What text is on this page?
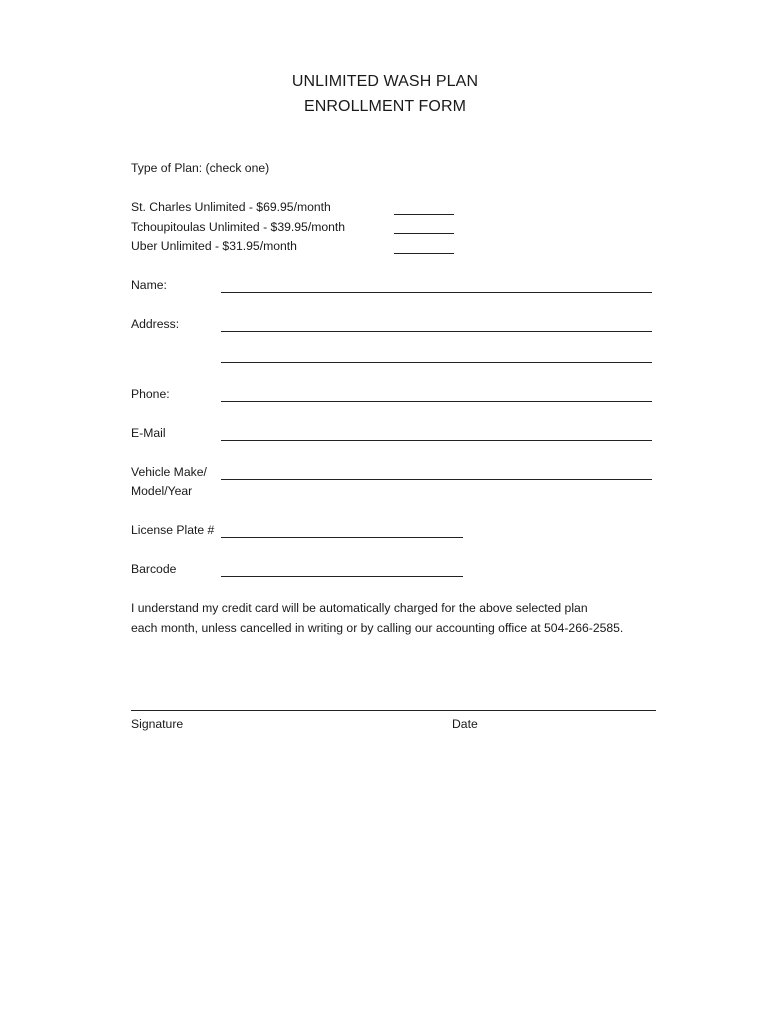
UNLIMITED WASH PLAN
ENROLLMENT FORM
Type of Plan: (check one)
St. Charles Unlimited - $69.95/month
Tchoupitoulas Unlimited - $39.95/month
Uber Unlimited - $31.95/month
Name:
Address:
Phone:
E-Mail
Vehicle Make/
Model/Year
License Plate #
Barcode
I understand my credit card will be automatically charged for the above selected plan
each month, unless cancelled in writing or by calling our accounting office at 504-266-2585.
Signature	Date
